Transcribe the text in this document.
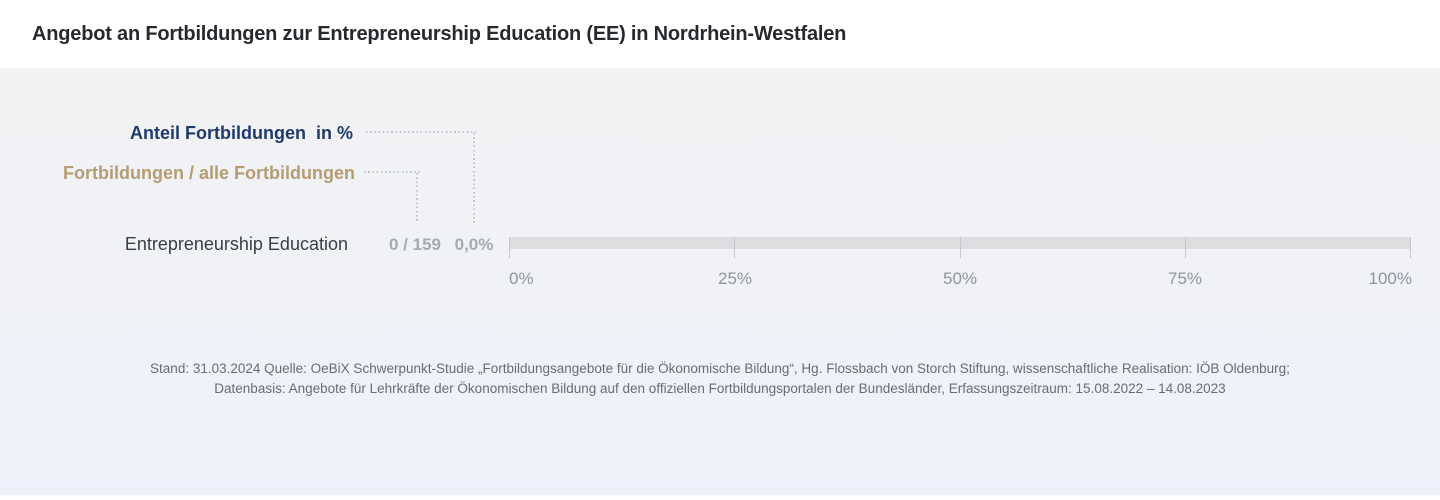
Angebot an Fortbildungen zur Entrepreneurship Education (EE) in Nordrhein-Westfalen
Anteil Fortbildungen  in %
Fortbildungen / alle Fortbildungen
Entrepreneurship Education	0 / 159 0,0%
0%	25%	50%	75%	100%
Stand: 31.03.2024 Quelle: OeBiX Schwerpunkt-Studie „Fortbildungsangebote für die Ökonomische Bildung“, Hg. Flossbach von Storch Stiftung, wissenschaftliche Realisation: IÖB Oldenburg;
Datenbasis: Angebote für Lehrkräfte der Ökonomischen Bildung auf den offiziellen Fortbildungsportalen der Bundesländer, Erfassungszeitraum: 15.08.2022 – 14.08.2023
